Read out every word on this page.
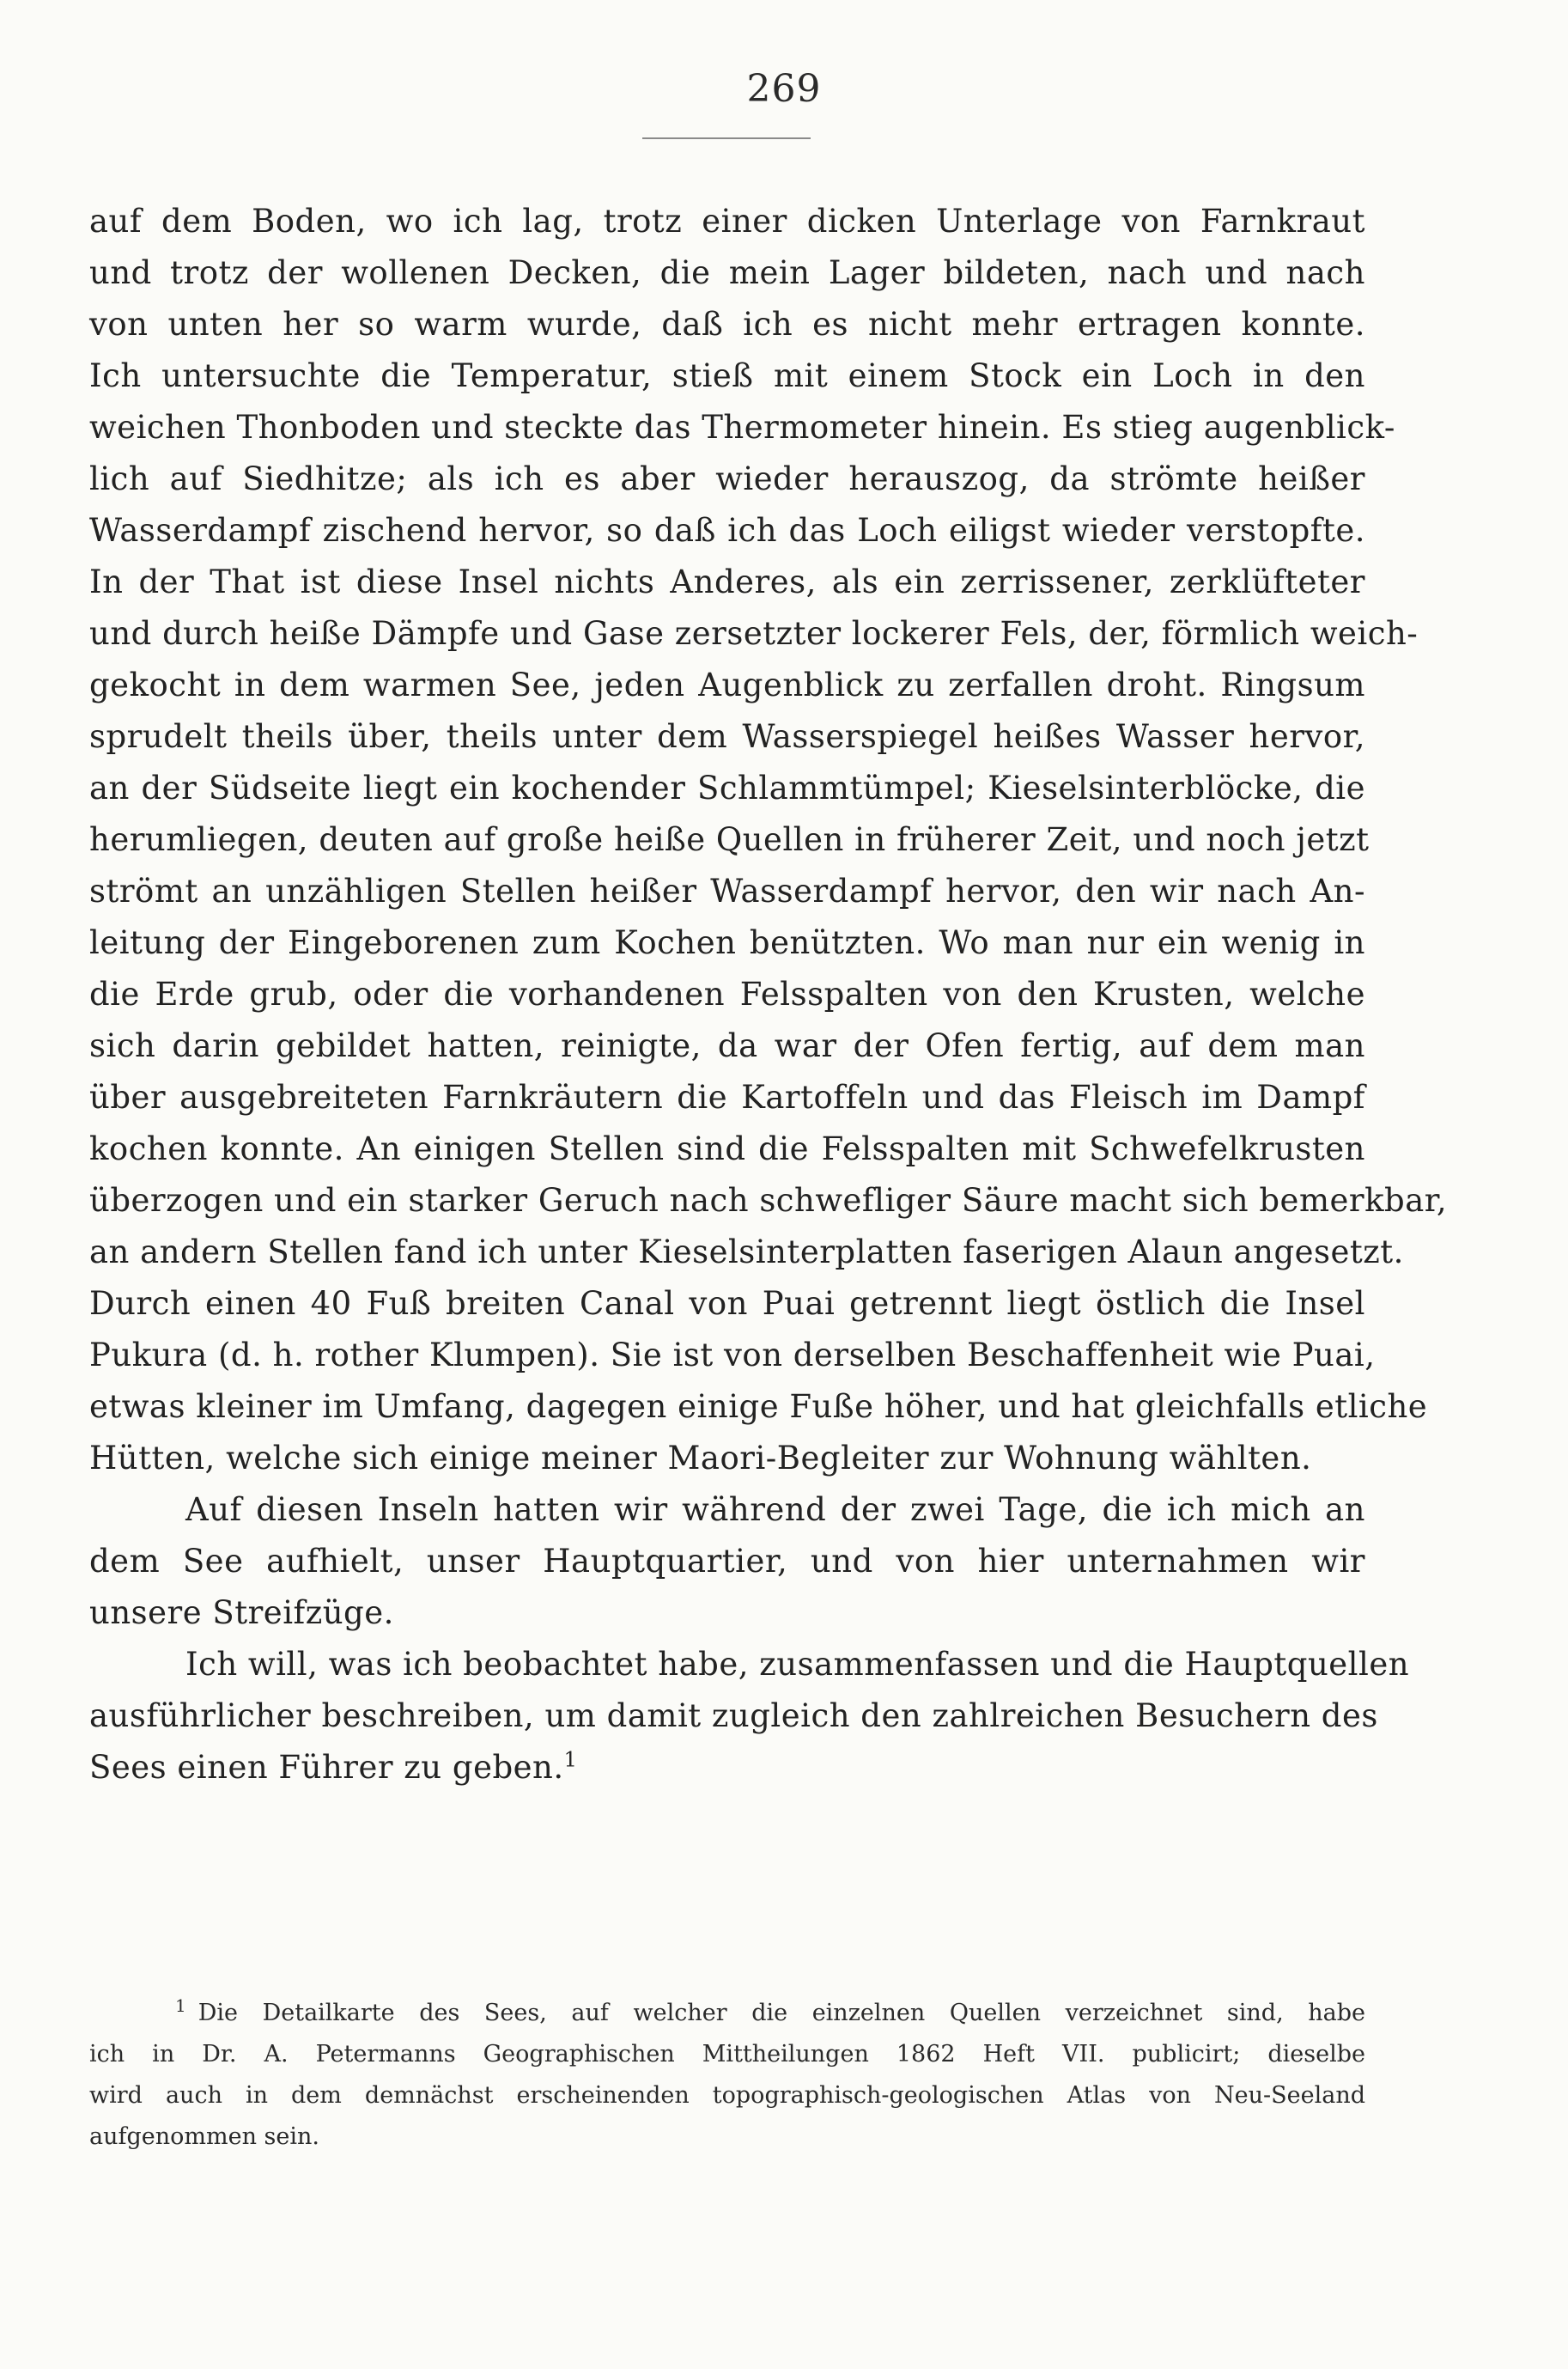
269
auf dem Boden, wo ich lag, trotz einer dicken Unterlage von Farnkraut
und trotz der wollenen Decken, die mein Lager bildeten, nach und nach
von unten her so warm wurde, daß ich es nicht mehr ertragen konnte.
Ich untersuchte die Temperatur, stieß mit einem Stock ein Loch in den
weichen Thonboden und steckte das Thermometer hinein. Es stieg augenblick-
lich auf Siedhitze; als ich es aber wieder herauszog, da strömte heißer
Wasserdampf zischend hervor, so daß ich das Loch eiligst wieder verstopfte.
In der That ist diese Insel nichts Anderes, als ein zerrissener, zerklüfteter
und durch heiße Dämpfe und Gase zersetzter lockerer Fels, der, förmlich weich-
gekocht in dem warmen See, jeden Augenblick zu zerfallen droht. Ringsum
sprudelt theils über, theils unter dem Wasserspiegel heißes Wasser hervor,
an der Südseite liegt ein kochender Schlammtümpel; Kieselsinterblöcke, die
herumliegen, deuten auf große heiße Quellen in früherer Zeit, und noch jetzt
strömt an unzähligen Stellen heißer Wasserdampf hervor, den wir nach An-
leitung der Eingeborenen zum Kochen benützten. Wo man nur ein wenig in
die Erde grub, oder die vorhandenen Felsspalten von den Krusten, welche
sich darin gebildet hatten, reinigte, da war der Ofen fertig, auf dem man
über ausgebreiteten Farnkräutern die Kartoffeln und das Fleisch im Dampf
kochen konnte. An einigen Stellen sind die Felsspalten mit Schwefelkrusten
überzogen und ein starker Geruch nach schwefliger Säure macht sich bemerkbar,
an andern Stellen fand ich unter Kieselsinterplatten faserigen Alaun angesetzt.
Durch einen 40 Fuß breiten Canal von Puai getrennt liegt östlich die Insel
Pukura (d. h. rother Klumpen). Sie ist von derselben Beschaffenheit wie Puai,
etwas kleiner im Umfang, dagegen einige Fuße höher, und hat gleichfalls etliche
Hütten, welche sich einige meiner Maori-Begleiter zur Wohnung wählten.
Auf diesen Inseln hatten wir während der zwei Tage, die ich mich an
dem See aufhielt, unser Hauptquartier, und von hier unternahmen wir
unsere Streifzüge.
Ich will, was ich beobachtet habe, zusammenfassen und die Hauptquellen
ausführlicher beschreiben, um damit zugleich den zahlreichen Besuchern des
Sees einen Führer zu geben.$^1$
$^1$ Die Detailkarte des Sees, auf welcher die einzelnen Quellen verzeichnet sind, habe
ich in Dr. A. Petermanns Geographischen Mittheilungen 1862 Heft VII. publicirt; dieselbe
wird auch in dem demnächst erscheinenden topographisch-geologischen Atlas von Neu-Seeland
aufgenommen sein.
